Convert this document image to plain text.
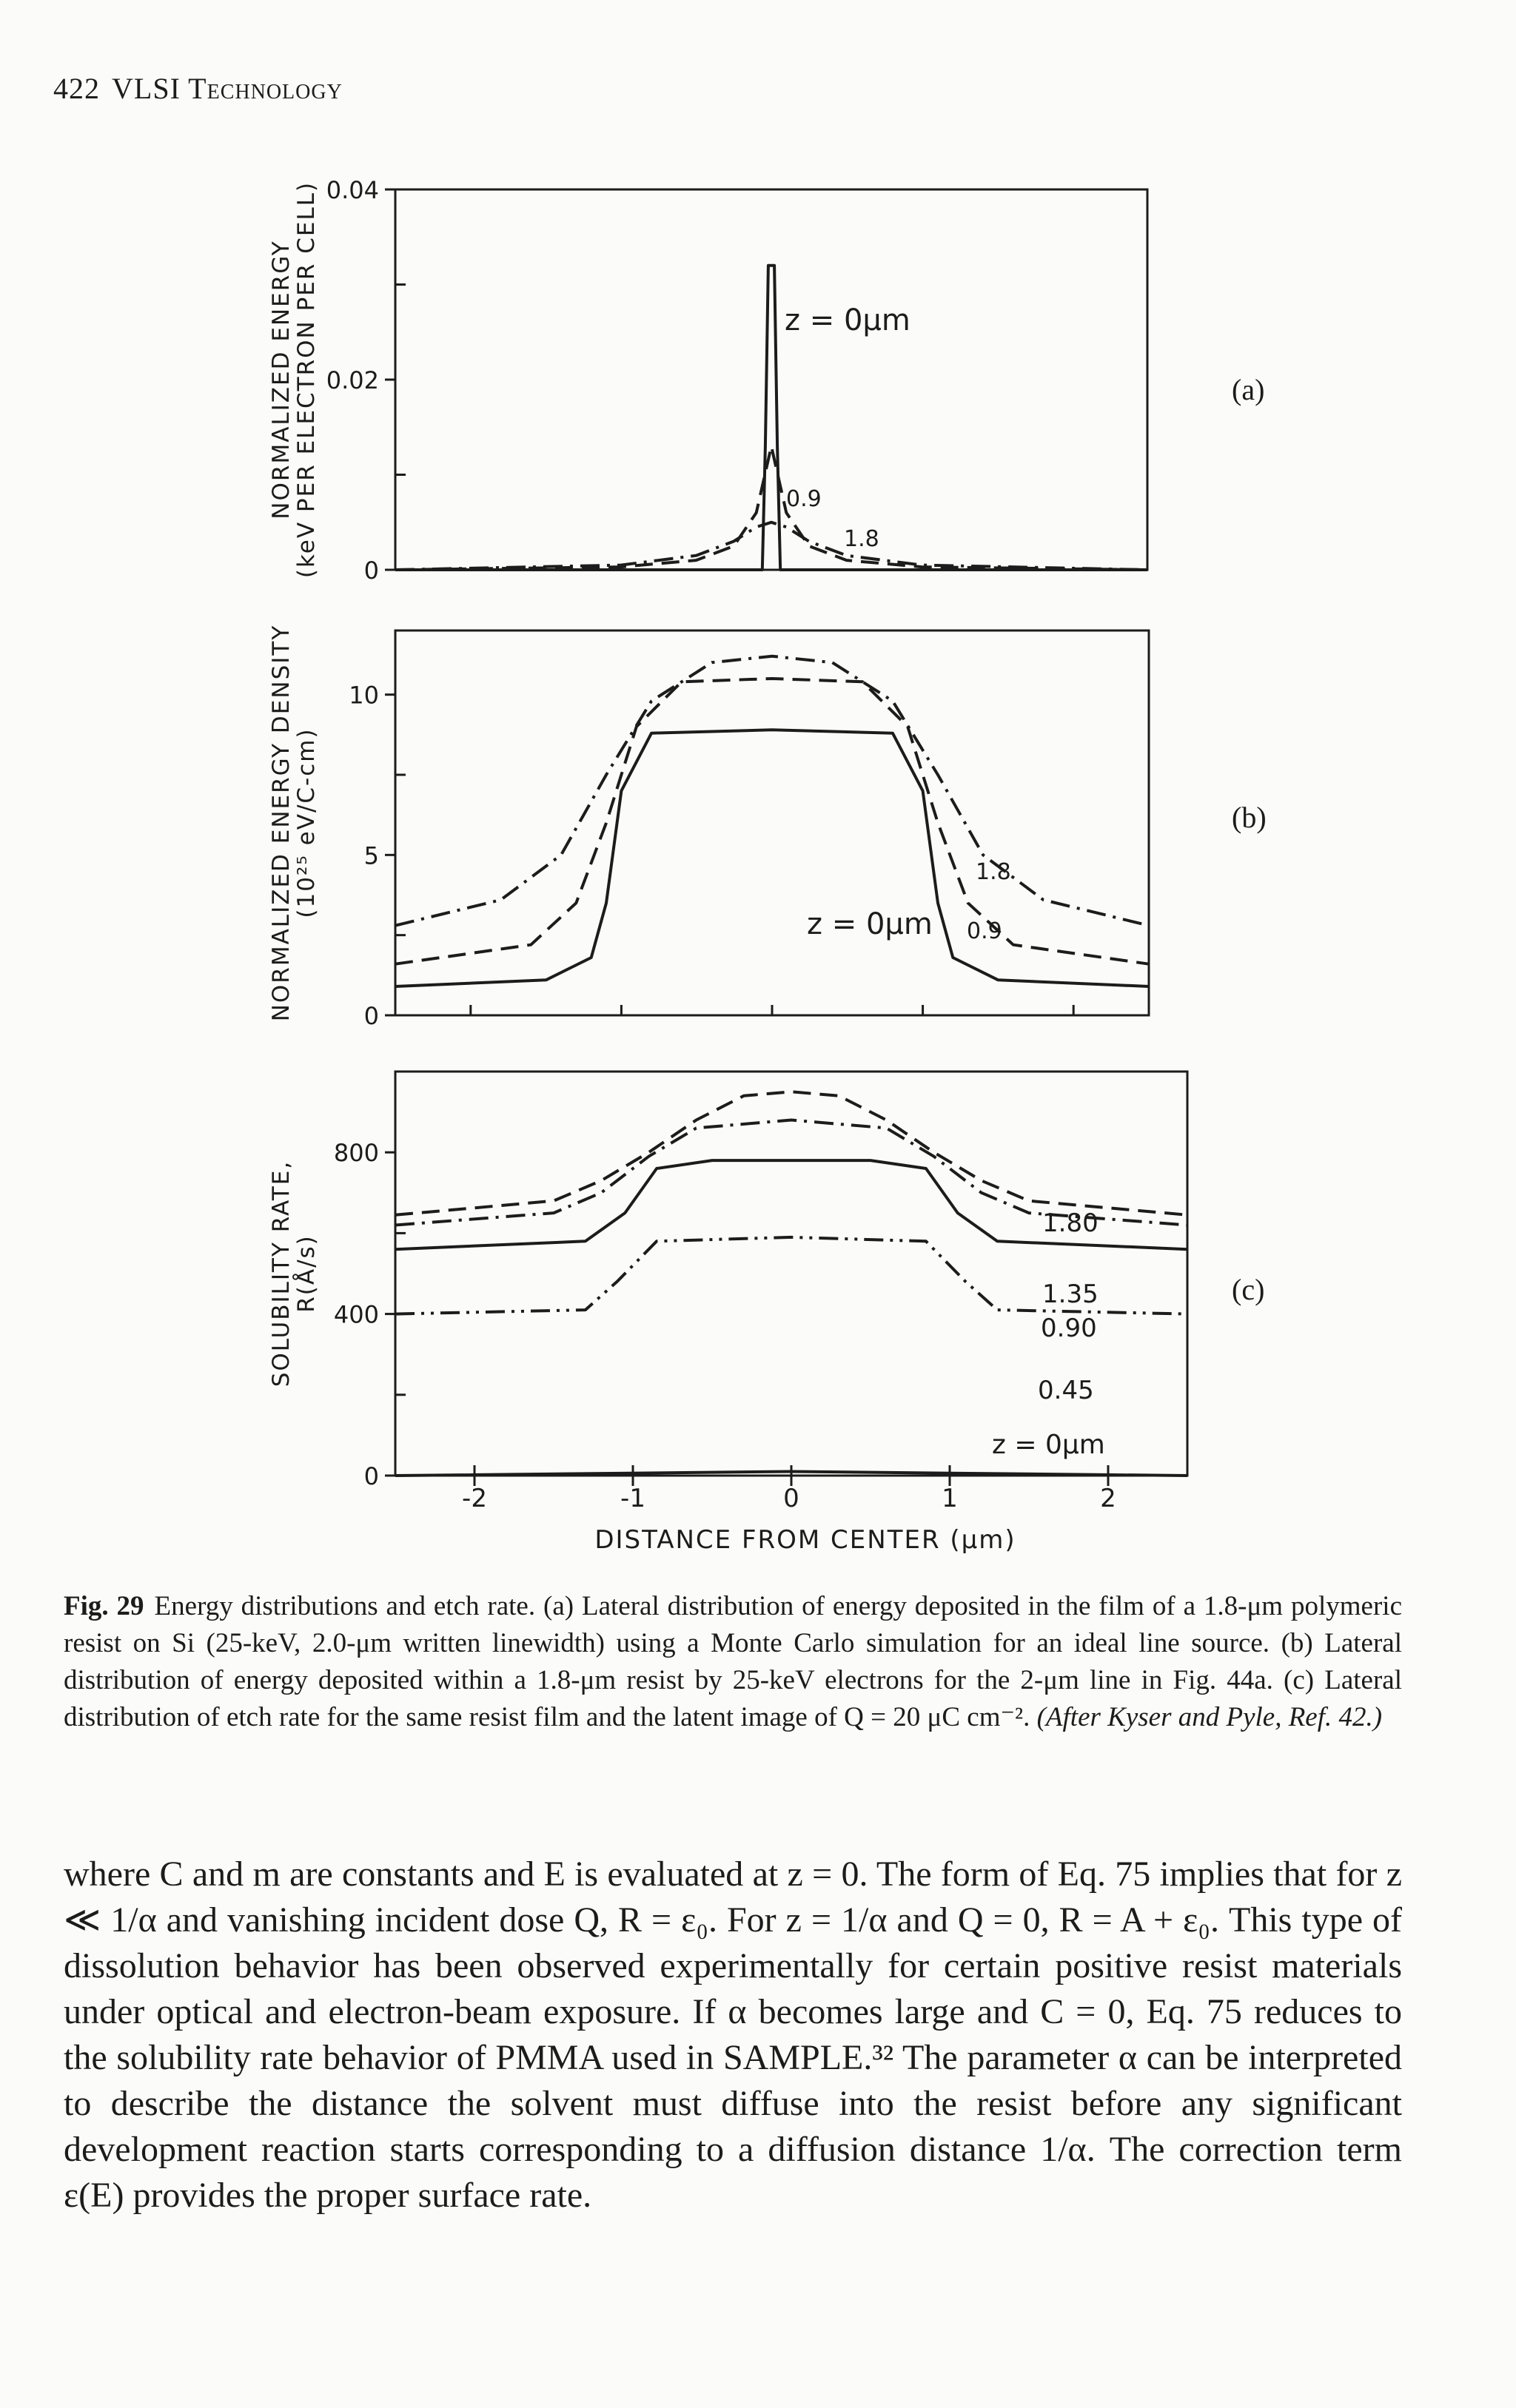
422 VLSI Technology
0.04
0.02
0
NORMALIZED ENERGY
(keV PER ELECTRON PER CELL)	(a)
z = 0μm
0.9
1.8
10
5
0
NORMALIZED ENERGY DENSITY
(10²⁵ eV/C-cm)	(b)
z = 0μm 0.9
1.8
800
400
0
SOLUBILITY RATE,
R(Å/s)	(c)
1.80
1.35
0.90
0.45
z = 0μm
-2	-1	0	1	2
DISTANCE FROM CENTER (μm)
Fig. 29 Energy distributions and etch rate. (a) Lateral distribution of energy deposited in the film of a 1.8-μm polymeric resist on Si (25-keV, 2.0-μm written linewidth) using a Monte Carlo simulation for an ideal line source. (b) Lateral distribution of energy deposited within a 1.8-μm resist by 25-keV electrons for the 2-μm line in Fig. 44a. (c) Lateral distribution of etch rate for the same resist film and the latent image of Q = 20 μC cm⁻². (After Kyser and Pyle, Ref. 42.)
where C and m are constants and E is evaluated at z = 0. The form of Eq. 75 implies that for z ≪ 1/α and vanishing incident dose Q, R = ε₀. For z = 1/α and Q = 0, R = A + ε₀. This type of dissolution behavior has been observed experimentally for certain positive resist materials under optical and electron-beam exposure. If α becomes large and C = 0, Eq. 75 reduces to the solubility rate behavior of PMMA used in SAMPLE.³² The parameter α can be interpreted to describe the distance the solvent must diffuse into the resist before any significant development reaction starts corresponding to a diffusion distance 1/α. The correction term ε(E) provides the proper surface rate.
